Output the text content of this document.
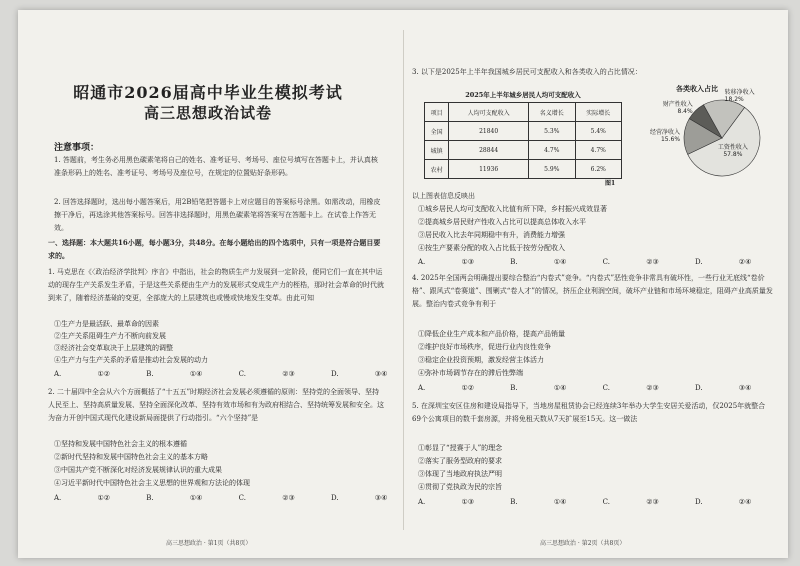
昭通市2026届高中毕业生模拟考试
高三思想政治试卷
注意事项：
1. 答题前，考生务必用黑色碳素笔将自己的姓名、准考证号、考场号、座位号填写在答题卡上，并认真核准条形码上的姓名、准考证号、考场号及座位号，在规定的位置贴好条形码。
2. 回答选择题时，选出每小题答案后，用2B铅笔把答题卡上对应题目的答案标号涂黑。如需改动，用橡皮擦干净后，再选涂其他答案标号。回答非选择题时，用黑色碳素笔将答案写在答题卡上。在试卷上作答无效。
一、选择题：本大题共16小题，每小题3分，共48分。在每小题给出的四个选项中，只有一项是符合题目要求的。
1. 马克思在《〈政治经济学批判〉序言》中指出，社会的物质生产力发展到一定阶段，便同它们一直在其中运动的现存生产关系发生矛盾，于是这些关系便由生产力的发展形式变成生产力的桎梏，那时社会革命的时代就到来了，随着经济基础的变更，全部庞大的上层建筑也或慢或快地发生变革。由此可知
①生产力是最活跃、最革命的因素
②生产关系阻碍生产力不断向前发展
③经济社会变革取决于上层建筑的调整
④生产力与生产关系的矛盾是推动社会发展的动力
A. ①② B. ①④ C. ②③ D. ③④
2. 二十届四中全会从六个方面概括了“十五五”时期经济社会发展必须遵循的原则：坚持党的全面领导、坚持人民至上、坚持高质量发展、坚持全面深化改革、坚持有效市场和有为政府相结合、坚持统筹发展和安全。这为奋力开创中国式现代化建设新局面提供了行动指引。“六个坚持”是
①坚持和发展中国特色社会主义的根本遵循
②新时代坚持和发展中国特色社会主义的基本方略
③中国共产党不断深化对经济发展规律认识的重大成果
④习近平新时代中国特色社会主义思想的世界观和方法论的体现
A. ①② B. ①④ C. ②③ D. ③④
高三思想政治 · 第1页（共8页）
3. 以下是2025年上半年我国城乡居民可支配收入和各类收入的占比情况：
2025年上半年城乡居民人均可支配收入
项目	人均可支配收入	名义增长	实际增长
全国	21840	5.3%	5.4%
城镇	28844	4.7%	4.7%
农村	11936	5.9%	6.2%
各类收入占比
工资性收入
57.8%
经营净收入
15.6%
财产性收入
8.4%
转移净收入
18.2%
图1
以上图表信息反映出
①城乡居民人均可支配收入比值有所下降，乡村振兴成效显著
②提高城乡居民财产性收入占比可以提高总体收入水平
③居民收入比去年同期稳中有升，消费能力增强
④按生产要素分配的收入占比低于按劳分配收入
A. ①③ B. ①④ C. ②③ D. ②④
4. 2025年全国两会明确提出要综合整治“内卷式”竞争。“内卷式”恶性竞争非常具有破坏性，一些行业无底线“卷价格”、跟风式“卷赛道”、围剿式“卷人才”的情况，挤压企业利润空间，破坏产业链和市场环境稳定，阻碍产业高质量发展。整治内卷式竞争有利于
①降低企业生产成本和产品价格，提高产品销量
②维护良好市场秩序，促进行业内良性竞争
③稳定企业投资预期，激发经营主体活力
④弥补市场调节存在的滞后性弊端
A. ①② B. ①④ C. ②③ D. ③④
5. 在深圳宝安区住房和建设局指导下，当地房屋租赁协会已经连续3年举办大学生安居关爱活动，仅2025年就整合69个公寓项目的数千套房源，并将免租天数从7天扩展至15天。这一做法
①彰显了“授赛于人”的理念
②落实了服务型政府的要求
③体现了当地政府执法严明
④贯彻了党执政为民的宗旨
A. ①③ B. ①④ C. ②③ D. ②④
高三思想政治 · 第2页（共8页）
